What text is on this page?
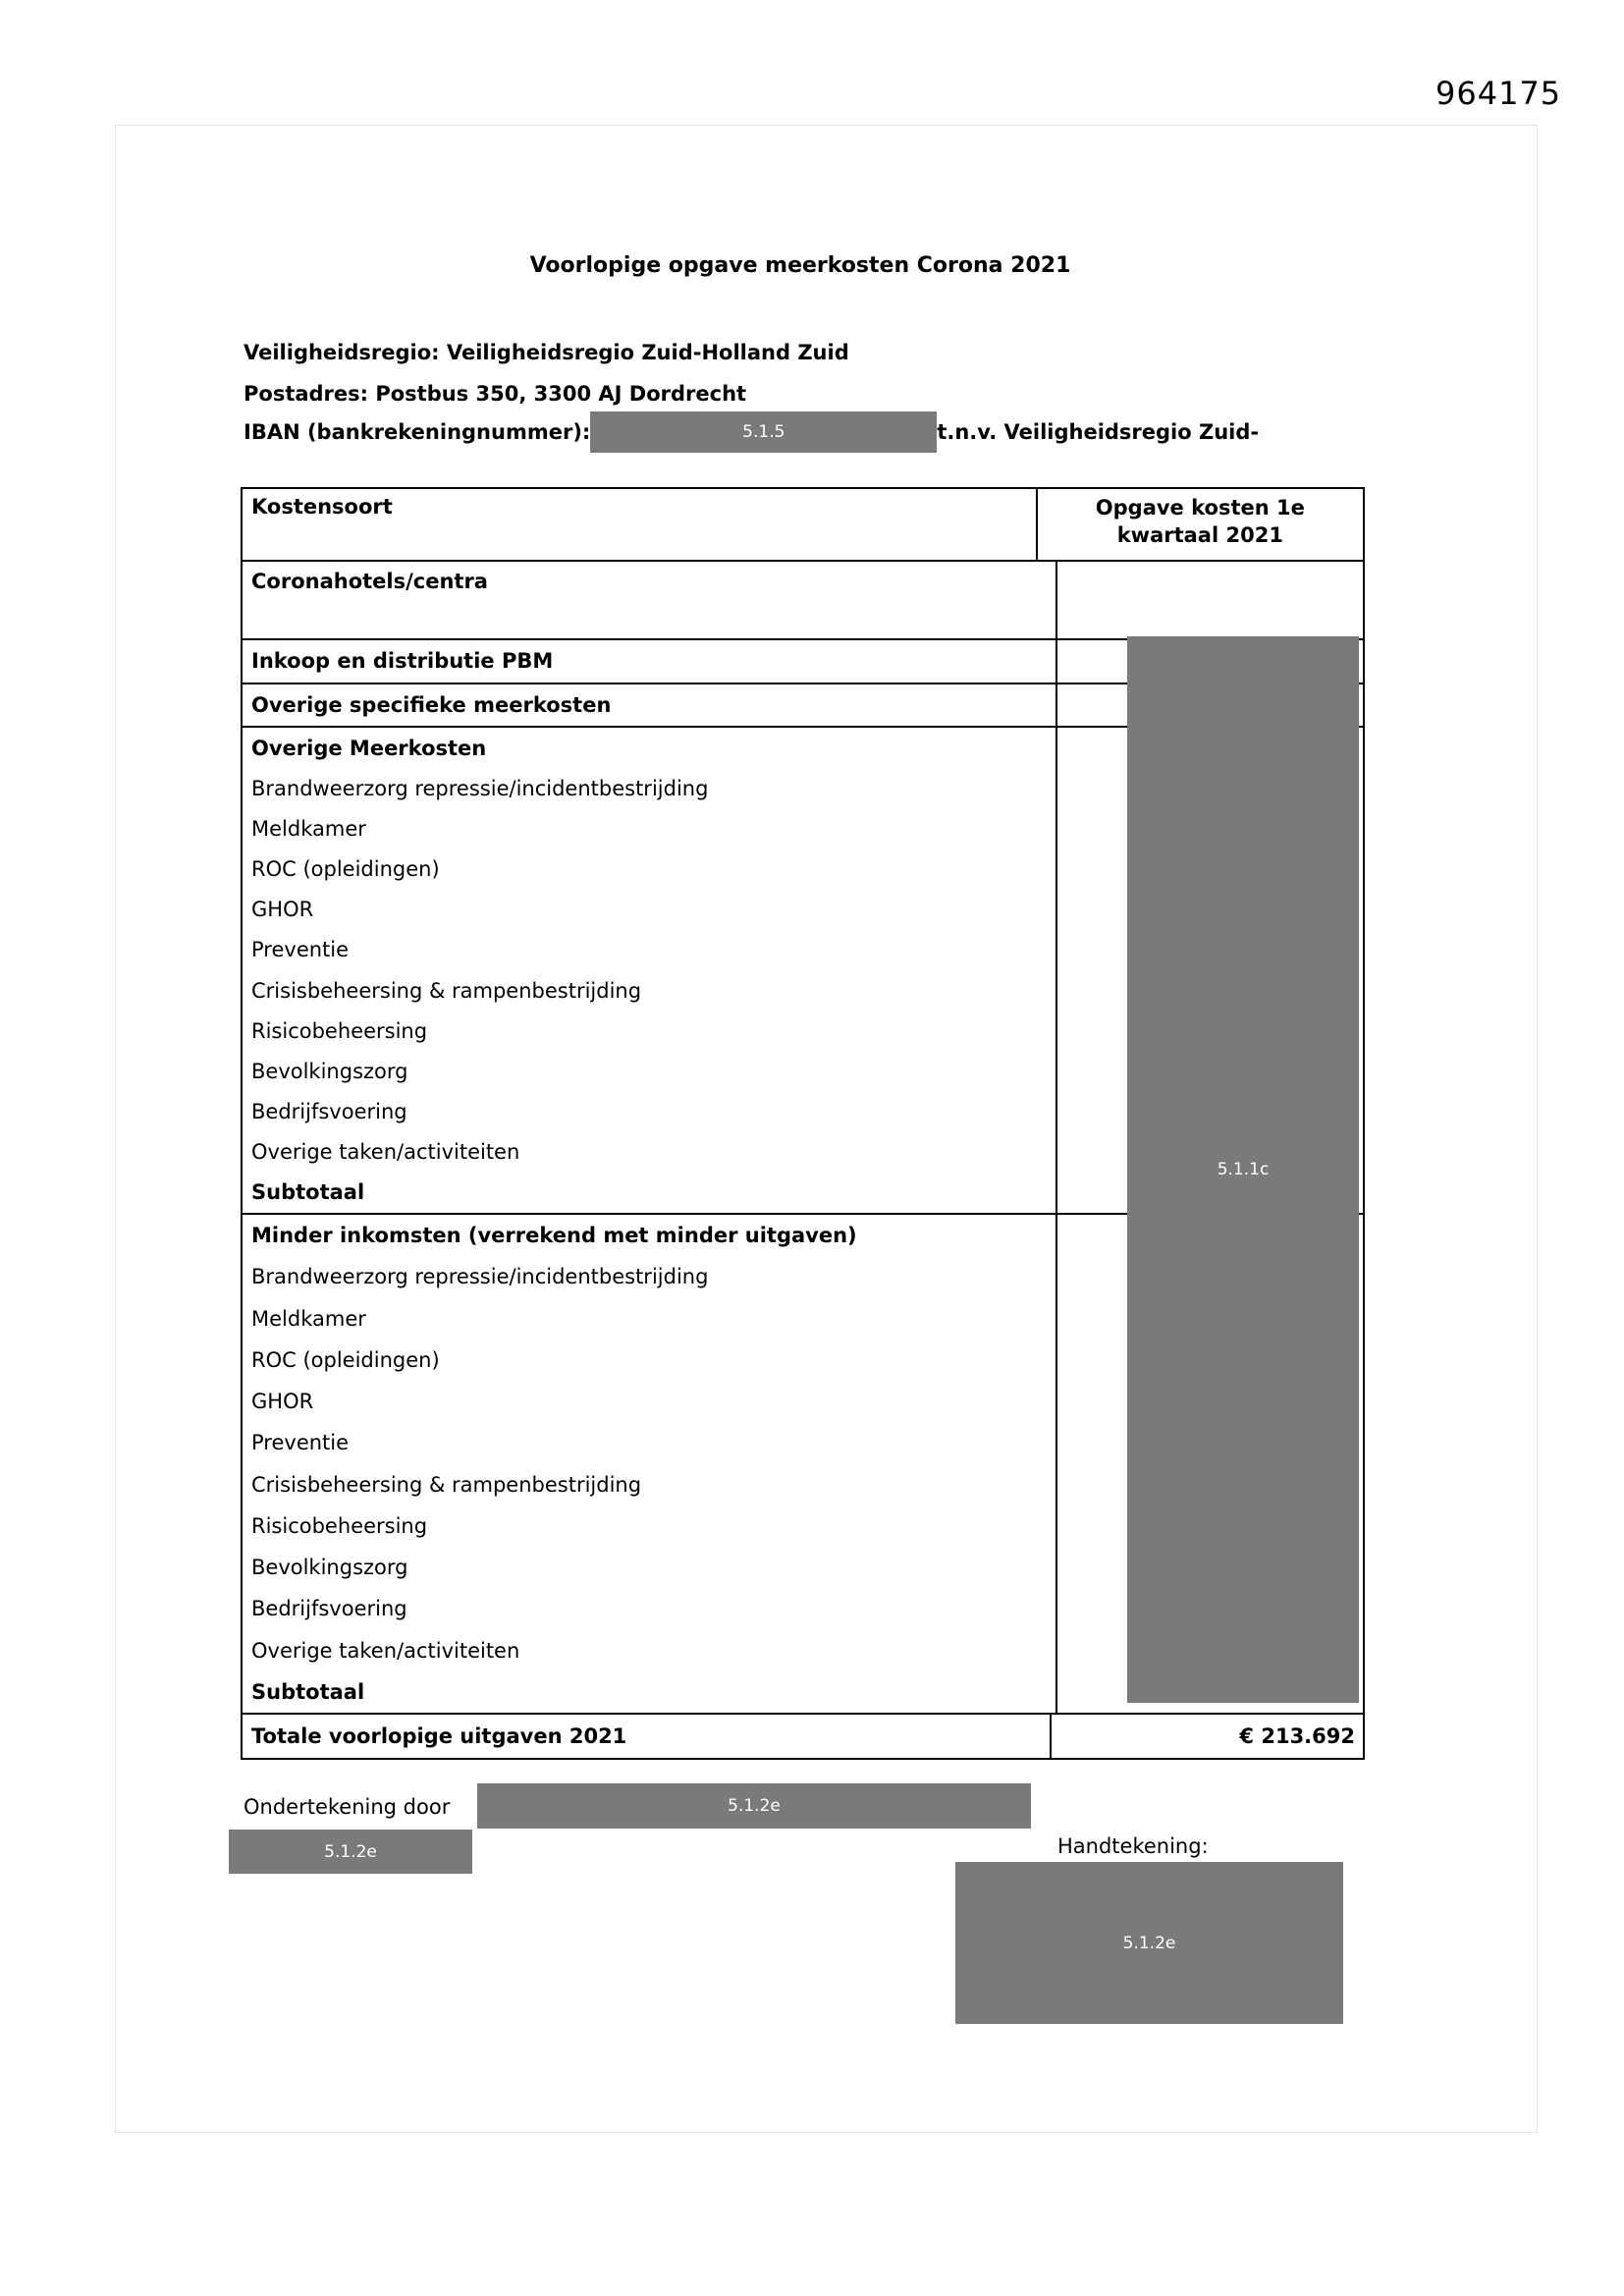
964175
Voorlopige opgave meerkosten Corona 2021
Veiligheidsregio: Veiligheidsregio Zuid-Holland Zuid
Postadres: Postbus 350, 3300 AJ Dordrecht
IBAN (bankrekeningnummer):	5.1.5	t.n.v. Veiligheidsregio Zuid-
Kostensoort	Opgave kosten 1e kwartaal 2021
Coronahotels/centra
Inkoop en distributie PBM
Overige specifieke meerkosten
Overige Meerkosten
Brandweerzorg repressie/incidentbestrijding
Meldkamer
ROC (opleidingen)
GHOR
Preventie
Crisisbeheersing & rampenbestrijding
Risicobeheersing
Bevolkingszorg
Bedrijfsvoering
Overige taken/activiteiten
Subtotaal
Minder inkomsten (verrekend met minder uitgaven)
Brandweerzorg repressie/incidentbestrijding
Meldkamer
ROC (opleidingen)
GHOR
Preventie
Crisisbeheersing & rampenbestrijding
Risicobeheersing
Bevolkingszorg
Bedrijfsvoering
Overige taken/activiteiten
Subtotaal
Totale voorlopige uitgaven 2021	€ 213.692
5.1.1c
Ondertekening door	5.1.2e
5.1.2e	Handtekening:
5.1.2e
